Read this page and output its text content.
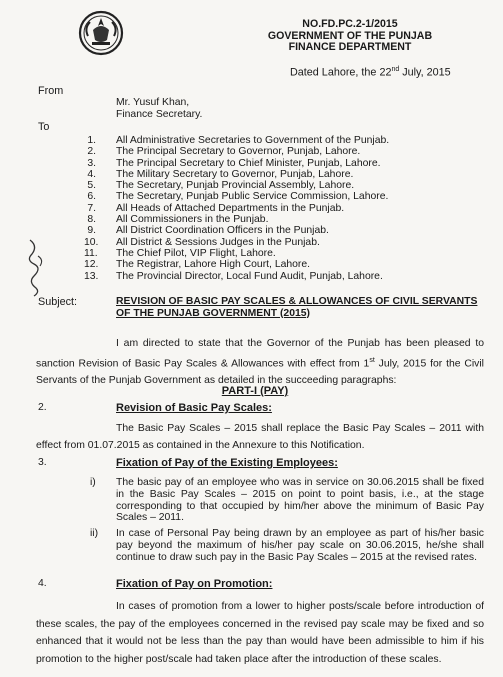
NO.FD.PC.2-1/2015
GOVERNMENT OF THE PUNJAB
FINANCE DEPARTMENT
Dated Lahore, the 22nd July, 2015
From
Mr. Yusuf Khan,
Finance Secretary.
To
1. All Administrative Secretaries to Government of the Punjab.
2. The Principal Secretary to Governor, Punjab, Lahore.
3. The Principal Secretary to Chief Minister, Punjab, Lahore.
4. The Military Secretary to Governor, Punjab, Lahore.
5. The Secretary, Punjab Provincial Assembly, Lahore.
6. The Secretary, Punjab Public Service Commission, Lahore.
7. All Heads of Attached Departments in the Punjab.
8. All Commissioners in the Punjab.
9. All District Coordination Officers in the Punjab.
10. All District & Sessions Judges in the Punjab.
11. The Chief Pilot, VIP Flight, Lahore.
12. The Registrar, Lahore High Court, Lahore.
13. The Provincial Director, Local Fund Audit, Punjab, Lahore.
Subject:	REVISION OF BASIC PAY SCALES & ALLOWANCES OF CIVIL SERVANTS OF THE PUNJAB GOVERNMENT (2015)
I am directed to state that the Governor of the Punjab has been pleased to sanction Revision of Basic Pay Scales & Allowances with effect from 1st July, 2015 for the Civil Servants of the Punjab Government as detailed in the succeeding paragraphs:
PART-I (PAY)
2.	Revision of Basic Pay Scales:
The Basic Pay Scales – 2015 shall replace the Basic Pay Scales – 2011 with effect from 01.07.2015 as contained in the Annexure to this Notification.
3.	Fixation of Pay of the Existing Employees:
i) The basic pay of an employee who was in service on 30.06.2015 shall be fixed in the Basic Pay Scales – 2015 on point to point basis, i.e., at the stage corresponding to that occupied by him/her above the minimum of Basic Pay Scales – 2011.
ii) In case of Personal Pay being drawn by an employee as part of his/her basic pay beyond the maximum of his/her pay scale on 30.06.2015, he/she shall continue to draw such pay in the Basic Pay Scales – 2015 at the revised rates.
4.	Fixation of Pay on Promotion:
In cases of promotion from a lower to higher posts/scale before introduction of these scales, the pay of the employees concerned in the revised pay scale may be fixed and so enhanced that it would not be less than the pay than would have been admissible to him if his promotion to the higher post/scale had taken place after the introduction of these scales.
